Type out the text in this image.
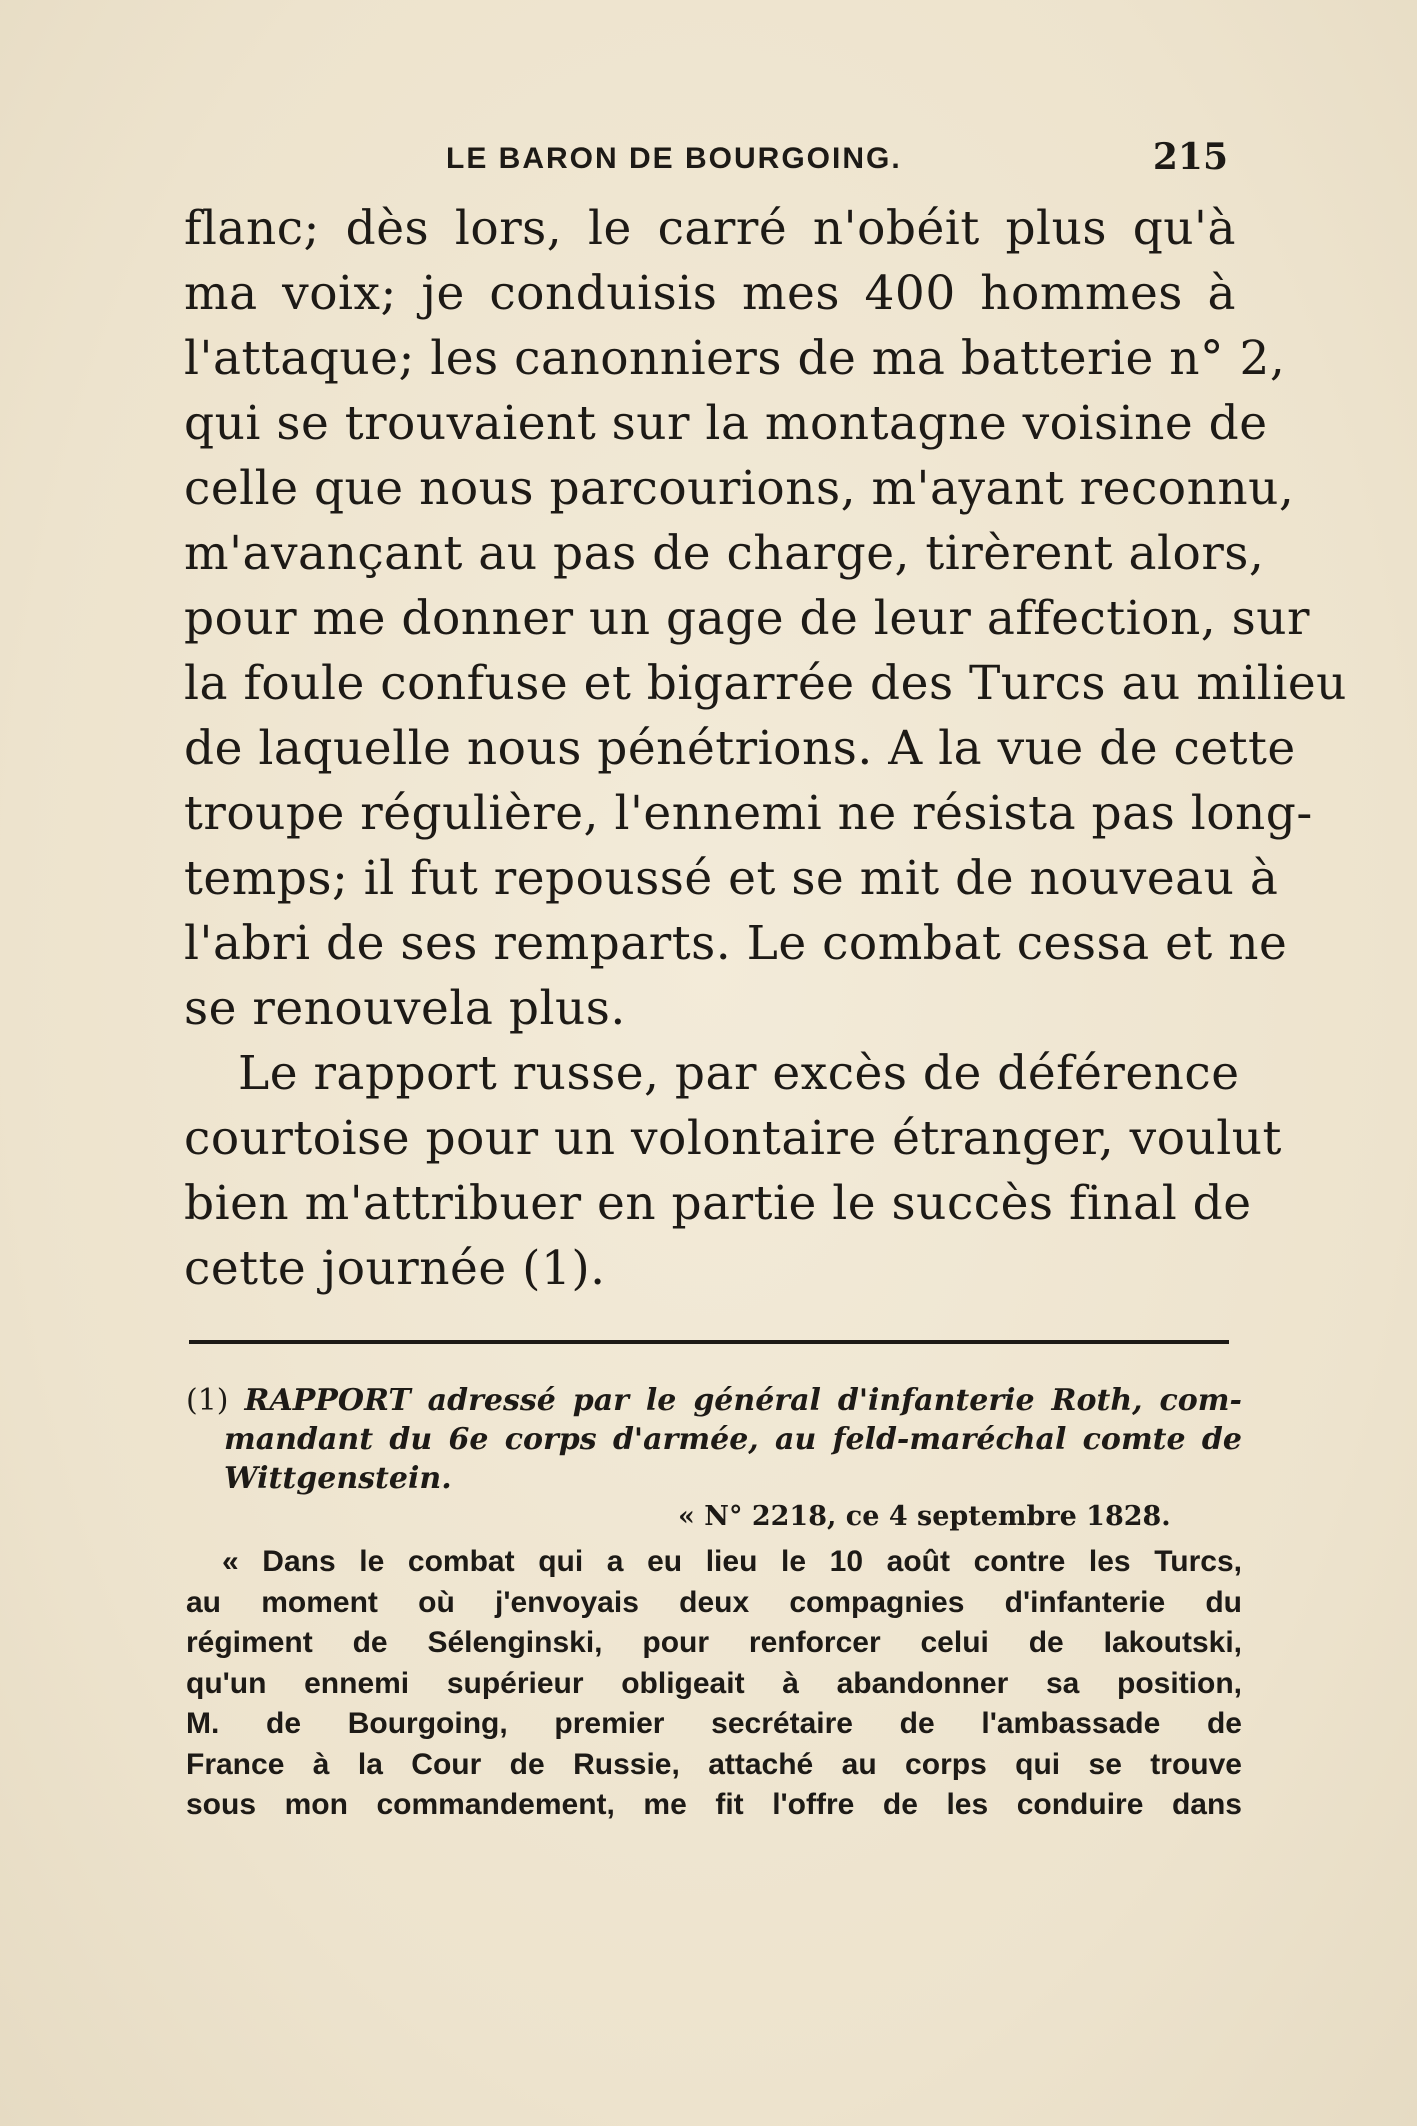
LE BARON DE BOURGOING.	215
flanc; dès lors, le carré n'obéit plus qu'à
ma voix; je conduisis mes 400 hommes à
l'attaque; les canonniers de ma batterie n° 2,
qui se trouvaient sur la montagne voisine de
celle que nous parcourions, m'ayant reconnu,
m'avançant au pas de charge, tirèrent alors,
pour me donner un gage de leur affection, sur
la foule confuse et bigarrée des Turcs au milieu
de laquelle nous pénétrions. A la vue de cette
troupe régulière, l'ennemi ne résista pas long-
temps; il fut repoussé et se mit de nouveau à
l'abri de ses remparts. Le combat cessa et ne
se renouvela plus.
Le rapport russe, par excès de déférence
courtoise pour un volontaire étranger, voulut
bien m'attribuer en partie le succès final de
cette journée (1).
(1) RAPPORT adressé par le général d'infanterie Roth, com-
mandant du 6e corps d'armée, au feld-maréchal comte de
Wittgenstein.
« N° 2218, ce 4 septembre 1828.
« Dans le combat qui a eu lieu le 10 août contre les Turcs,
au moment où j'envoyais deux compagnies d'infanterie du
régiment de Sélenginski, pour renforcer celui de Iakoutski,
qu'un ennemi supérieur obligeait à abandonner sa position,
M. de Bourgoing, premier secrétaire de l'ambassade de
France à la Cour de Russie, attaché au corps qui se trouve
sous mon commandement, me fit l'offre de les conduire dans
